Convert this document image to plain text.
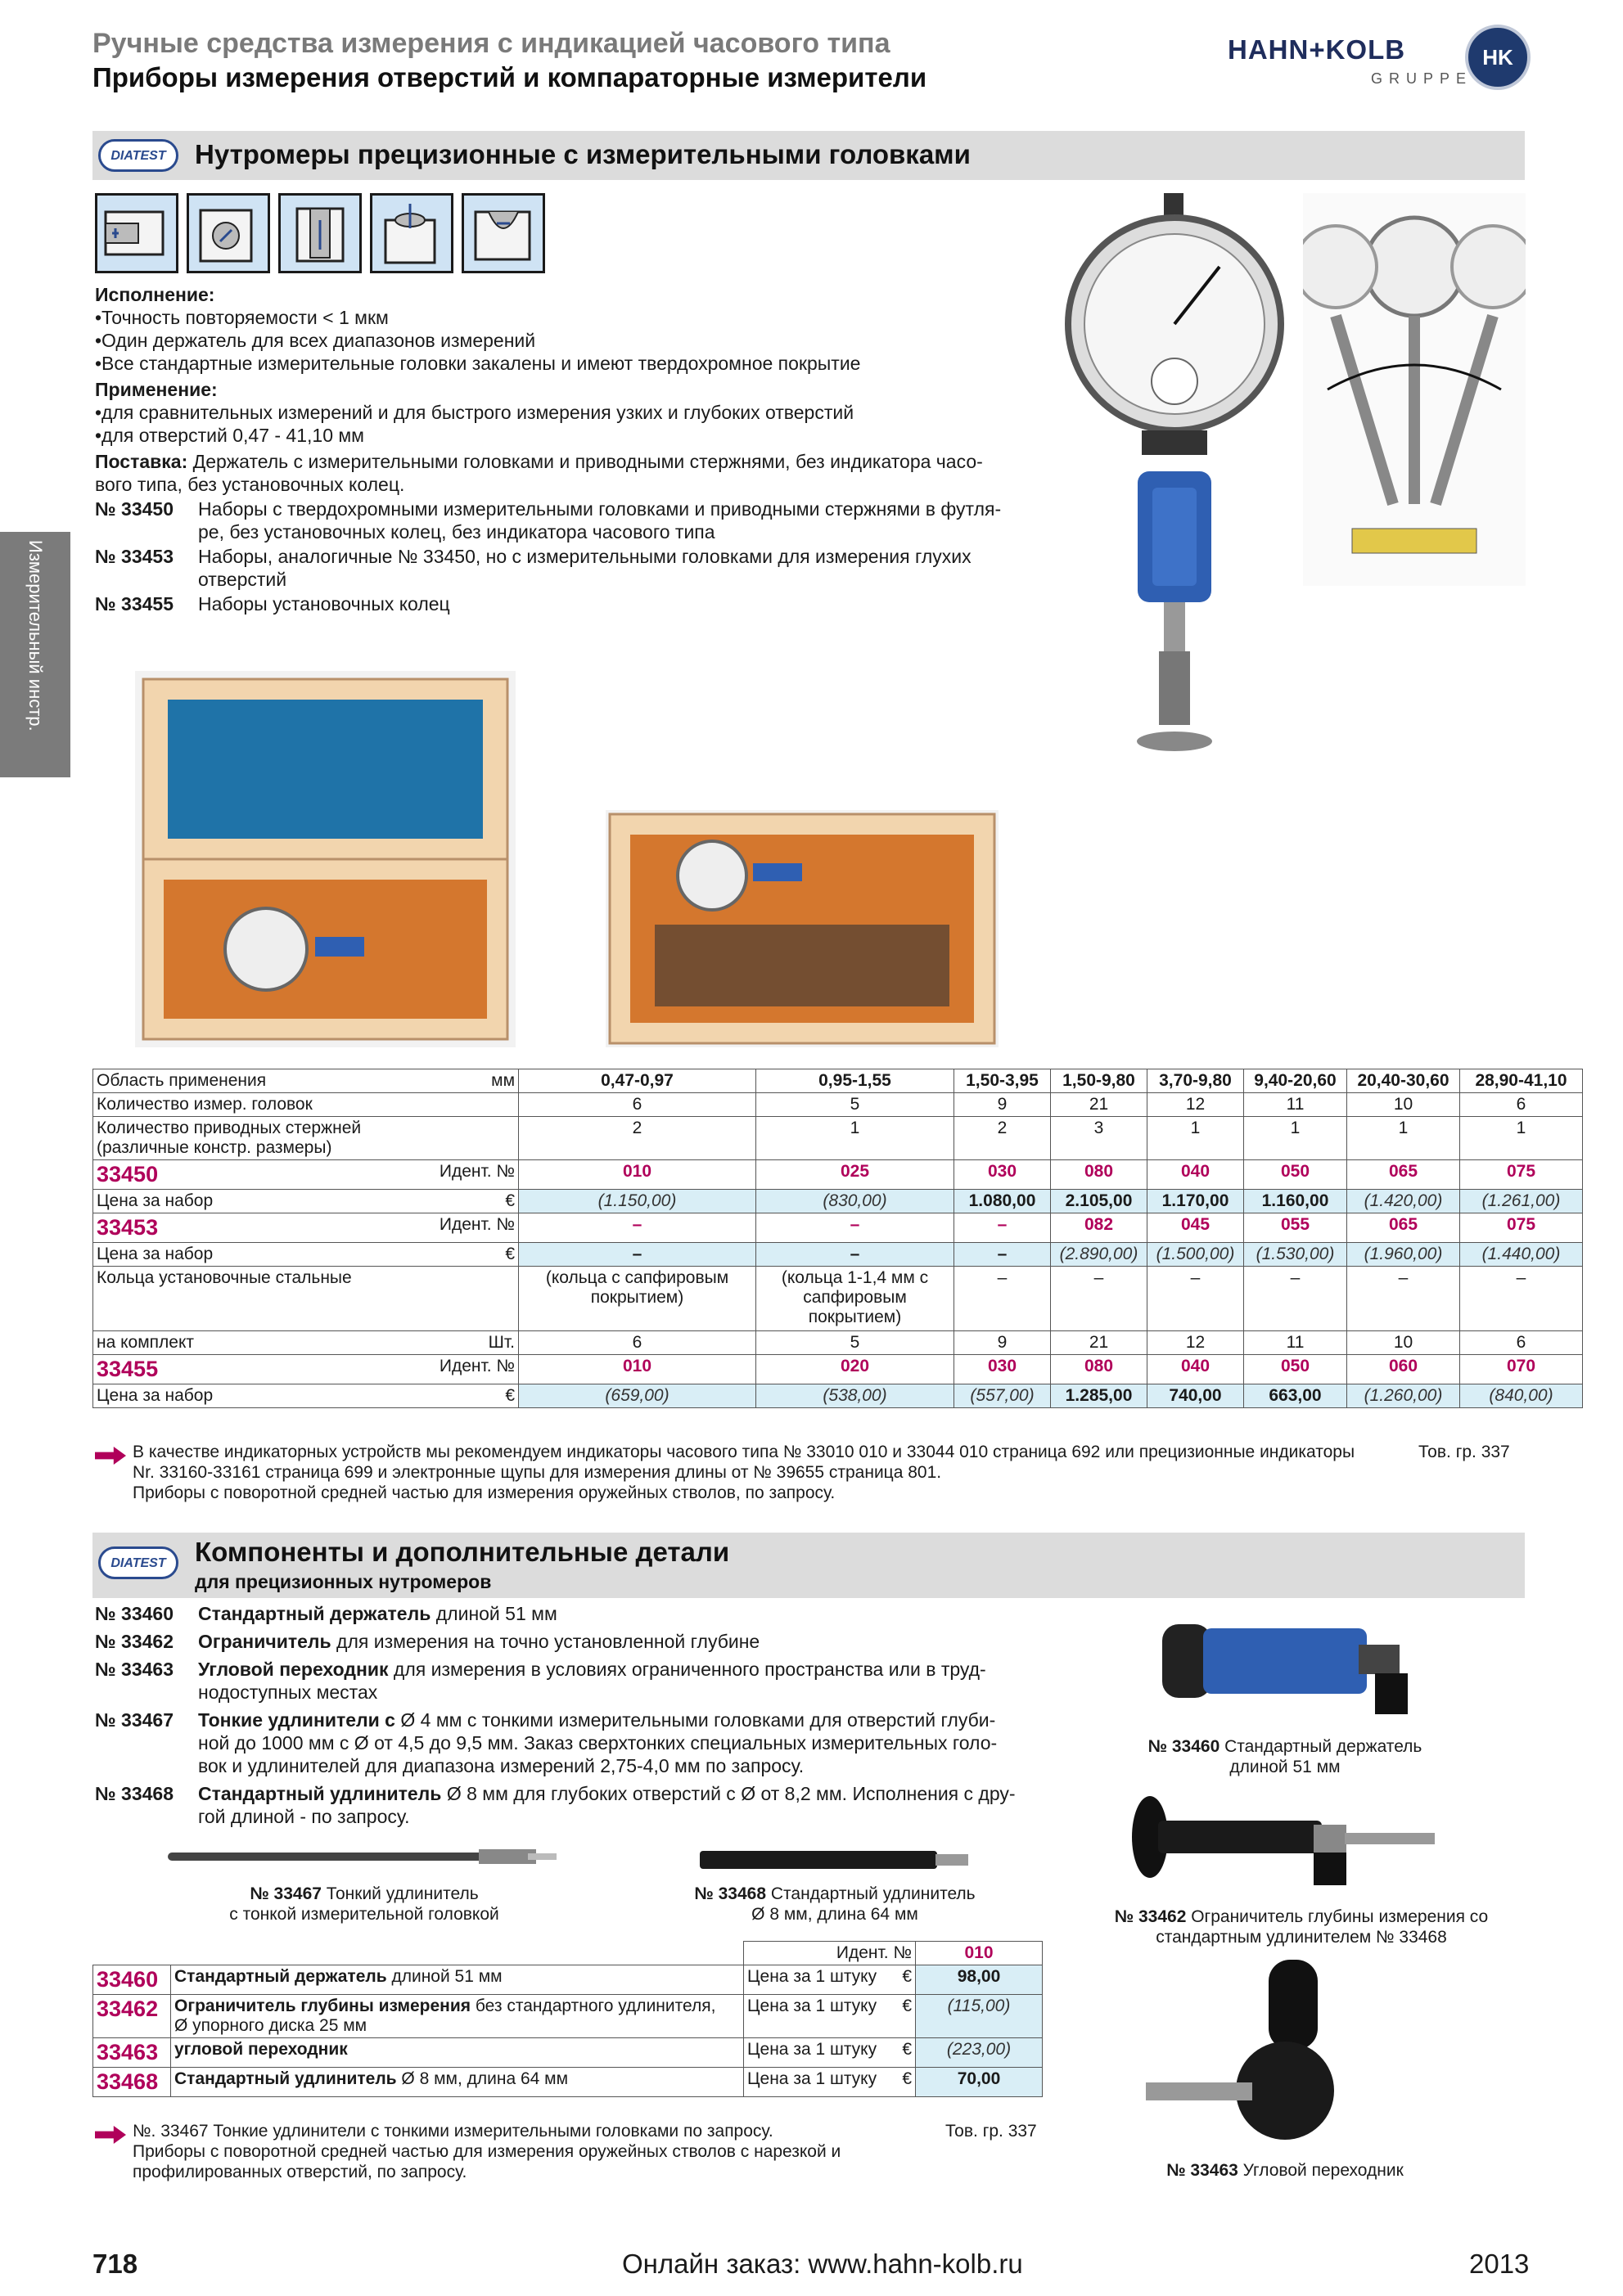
Ручные средства измерения с индикацией часового типа
Приборы измерения отверстий и компараторные измерители
HAHN+KOLB
GRUPPE
HK
Измерительный инстр.
DIATEST	Нутромеры прецизионные с измерительными головками
Исполнение:
•Точность повторяемости < 1 мкм
•Один держатель для всех диапазонов измерений
•Все стандартные измерительные головки закалены и имеют твердохромное покрытие
Применение:
•для сравнительных измерений и для быстрого измерения узких и глубоких отверстий
•для отверстий 0,47 - 41,10 мм
Поставка: Держатель с измерительными головками и приводными стержнями, без индикатора часо-
вого типа, без установочных колец.
№ 33450	Наборы с твердохромными измерительными головками и приводными стержнями в футля-
ре, без установочных колец, без индикатора часового типа
№ 33453	Наборы, аналогичные № 33450, но с измерительными головками для измерения глухих
отверстий
№ 33455	Наборы установочных колец
Область применения мм	0,47-0,97	0,95-1,55	1,50-3,95	1,50-9,80	3,70-9,80	9,40-20,60	20,40-30,60	28,90-41,10
Количество измер. головок	6	5	9	21	12	11	10	6
Количество приводных стержней
(различные констр. размеры)	2	1	2	3	1	1	1	1
33450 Идент. №	010	025	030	080	040	050	065	075
Цена за набор €	(1.150,00)	(830,00)	1.080,00	2.105,00	1.170,00	1.160,00	(1.420,00)	(1.261,00)
33453 Идент. №	–	–	–	082	045	055	065	075
Цена за набор €	–	–	–	(2.890,00)	(1.500,00)	(1.530,00)	(1.960,00)	(1.440,00)
Кольца установочные стальные	(кольца с сапфировым покрытием)	(кольца 1-1,4 мм с сапфировым покрытием)	–	–	–	–	–	–
на комплект Шт.	6	5	9	21	12	11	10	6
33455 Идент. №	010	020	030	080	040	050	060	070
Цена за набор €	(659,00)	(538,00)	(557,00)	1.285,00	740,00	663,00	(1.260,00)	(840,00)
В качестве индикаторных устройств мы рекомендуем индикаторы часового типа № 33010 010 и 33044 010 страница 692 или прецизионные индикаторы
Nr. 33160-33161 страница 699 и электронные щупы для измерения длины от № 39655 страница 801.
Приборы с поворотной средней частью для измерения оружейных стволов, по запросу.
Тов. гр. 337
DIATEST	Компоненты и дополнительные детали
для прецизионных нутромеров
№ 33460	Стандартный держатель длиной 51 мм
№ 33462	Ограничитель для измерения на точно установленной глубине
№ 33463	Угловой переходник для измерения в условиях ограниченного пространства или в труд-
нодоступных местах
№ 33467	Тонкие удлинители с Ø 4 мм с тонкими измерительными головками для отверстий глуби-
ной до 1000 мм с Ø от 4,5 до 9,5 мм. Заказ сверхтонких специальных измерительных голо-
вок и удлинителей для диапазона измерений 2,75-4,0 мм по запросу.
№ 33468	Стандартный удлинитель Ø 8 мм для глубоких отверстий с Ø от 8,2 мм. Исполнения с дру-
гой длиной - по запросу.
№ 33467 Тонкий удлинитель
с тонкой измерительной головкой
№ 33468 Стандартный удлинитель
Ø 8 мм, длина 64 мм
№ 33460 Стандартный держатель
длиной 51 мм
№ 33462 Ограничитель глубины измерения со
стандартным удлинителем № 33468
№ 33463 Угловой переходник
		Идент. №	010
33460	Стандартный держатель длиной 51 мм	Цена за 1 штуку €	98,00
33462	Ограничитель глубины измерения без стандартного удлинителя,
Ø упорного диска 25 мм	Цена за 1 штуку €	(115,00)
33463	угловой переходник	Цена за 1 штуку €	(223,00)
33468	Стандартный удлинитель Ø 8 мм, длина 64 мм	Цена за 1 штуку €	70,00
№. 33467 Тонкие удлинители с тонкими измерительными головками по запросу.
Приборы с поворотной средней частью для измерения оружейных стволов с нарезкой и
профилированных отверстий, по запросу.
Тов. гр. 337
718	Онлайн заказ: www.hahn-kolb.ru	2013
